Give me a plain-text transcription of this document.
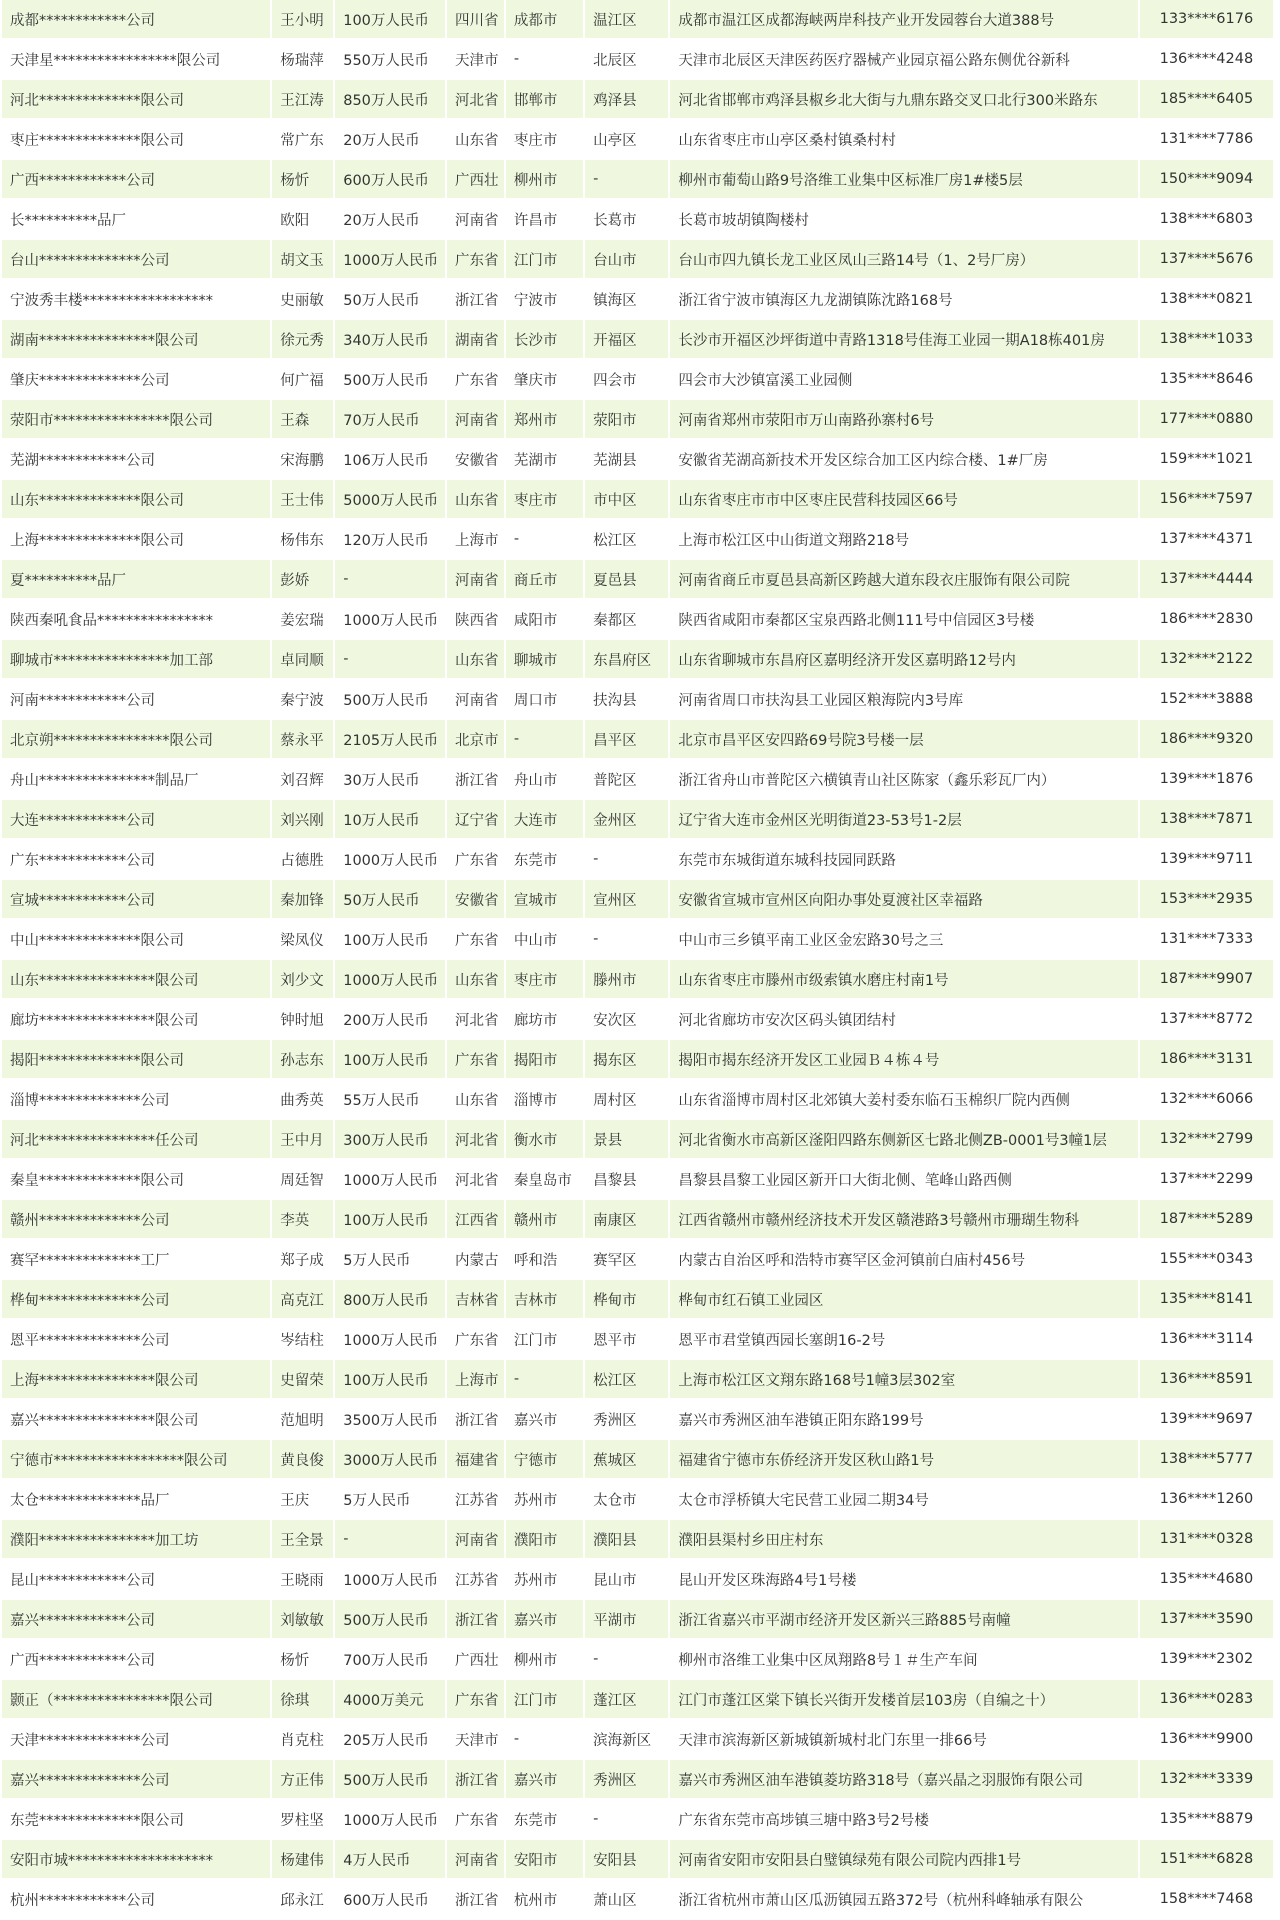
成都************公司	王小明	100万人民币	四川省	成都市	温江区	成都市温江区成都海峡两岸科技产业开发园蓉台大道388号	133****6176
天津星*****************限公司	杨瑞萍	550万人民币	天津市	-	北辰区	天津市北辰区天津医药医疗器械产业园京福公路东侧优谷新科	136****4248
河北**************限公司	王江涛	850万人民币	河北省	邯郸市	鸡泽县	河北省邯郸市鸡泽县椒乡北大街与九鼎东路交叉口北行300米路东	185****6405
枣庄**************限公司	常广东	20万人民币	山东省	枣庄市	山亭区	山东省枣庄市山亭区桑村镇桑村村	131****7786
广西************公司	杨忻	600万人民币	广西壮	柳州市	-	柳州市葡萄山路9号洛维工业集中区标准厂房1#楼5层	150****9094
长**********品厂	欧阳	20万人民币	河南省	许昌市	长葛市	长葛市坡胡镇陶楼村	138****6803
台山**************公司	胡文玉	1000万人民币	广东省	江门市	台山市	台山市四九镇长龙工业区凤山三路14号（1、2号厂房）	137****5676
宁波秀丰楼******************	史丽敏	50万人民币	浙江省	宁波市	镇海区	浙江省宁波市镇海区九龙湖镇陈沈路168号	138****0821
湖南****************限公司	徐元秀	340万人民币	湖南省	长沙市	开福区	长沙市开福区沙坪街道中青路1318号佳海工业园一期A18栋401房	138****1033
肇庆**************公司	何广福	500万人民币	广东省	肇庆市	四会市	四会市大沙镇富溪工业园侧	135****8646
荥阳市****************限公司	王森	70万人民币	河南省	郑州市	荥阳市	河南省郑州市荥阳市万山南路孙寨村6号	177****0880
芜湖************公司	宋海鹏	106万人民币	安徽省	芜湖市	芜湖县	安徽省芜湖高新技术开发区综合加工区内综合楼、1#厂房	159****1021
山东**************限公司	王士伟	5000万人民币	山东省	枣庄市	市中区	山东省枣庄市市中区枣庄民营科技园区66号	156****7597
上海**************限公司	杨伟东	120万人民币	上海市	-	松江区	上海市松江区中山街道文翔路218号	137****4371
夏**********品厂	彭娇	-	河南省	商丘市	夏邑县	河南省商丘市夏邑县高新区跨越大道东段衣庄服饰有限公司院	137****4444
陕西秦吼食品****************	姜宏瑞	1000万人民币	陕西省	咸阳市	秦都区	陕西省咸阳市秦都区宝泉西路北侧111号中信园区3号楼	186****2830
聊城市****************加工部	卓同顺	-	山东省	聊城市	东昌府区	山东省聊城市东昌府区嘉明经济开发区嘉明路12号内	132****2122
河南************公司	秦宁波	500万人民币	河南省	周口市	扶沟县	河南省周口市扶沟县工业园区粮海院内3号库	152****3888
北京朔****************限公司	蔡永平	2105万人民币	北京市	-	昌平区	北京市昌平区安四路69号院3号楼一层	186****9320
舟山****************制品厂	刘召辉	30万人民币	浙江省	舟山市	普陀区	浙江省舟山市普陀区六横镇青山社区陈家（鑫乐彩瓦厂内）	139****1876
大连************公司	刘兴刚	10万人民币	辽宁省	大连市	金州区	辽宁省大连市金州区光明街道23-53号1-2层	138****7871
广东************公司	占德胜	1000万人民币	广东省	东莞市	-	东莞市东城街道东城科技园同跃路	139****9711
宣城************公司	秦加锋	50万人民币	安徽省	宣城市	宣州区	安徽省宣城市宣州区向阳办事处夏渡社区幸福路	153****2935
中山**************限公司	梁凤仪	100万人民币	广东省	中山市	-	中山市三乡镇平南工业区金宏路30号之三	131****7333
山东****************限公司	刘少文	1000万人民币	山东省	枣庄市	滕州市	山东省枣庄市滕州市级索镇水磨庄村南1号	187****9907
廊坊****************限公司	钟时旭	200万人民币	河北省	廊坊市	安次区	河北省廊坊市安次区码头镇团结村	137****8772
揭阳**************限公司	孙志东	100万人民币	广东省	揭阳市	揭东区	揭阳市揭东经济开发区工业园Ｂ４栋４号	186****3131
淄博**************公司	曲秀英	55万人民币	山东省	淄博市	周村区	山东省淄博市周村区北郊镇大姜村委东临石玉棉织厂院内西侧	132****6066
河北****************任公司	王中月	300万人民币	河北省	衡水市	景县	河北省衡水市高新区滏阳四路东侧新区七路北侧ZB-0001号3幢1层	132****2799
秦皇**************限公司	周廷智	1000万人民币	河北省	秦皇岛市	昌黎县	昌黎县昌黎工业园区新开口大街北侧、笔峰山路西侧	137****2299
赣州**************公司	李英	100万人民币	江西省	赣州市	南康区	江西省赣州市赣州经济技术开发区赣港路3号赣州市珊瑚生物科	187****5289
赛罕**************工厂	郑子成	5万人民币	内蒙古	呼和浩	赛罕区	内蒙古自治区呼和浩特市赛罕区金河镇前白庙村456号	155****0343
桦甸**************公司	高克江	800万人民币	吉林省	吉林市	桦甸市	桦甸市红石镇工业园区	135****8141
恩平**************公司	岑结柱	1000万人民币	广东省	江门市	恩平市	恩平市君堂镇西园长塞朗16-2号	136****3114
上海****************限公司	史留荣	100万人民币	上海市	-	松江区	上海市松江区文翔东路168号1幢3层302室	136****8591
嘉兴****************限公司	范旭明	3500万人民币	浙江省	嘉兴市	秀洲区	嘉兴市秀洲区油车港镇正阳东路199号	139****9697
宁德市******************限公司	黄良俊	3000万人民币	福建省	宁德市	蕉城区	福建省宁德市东侨经济开发区秋山路1号	138****5777
太仓**************品厂	王庆	5万人民币	江苏省	苏州市	太仓市	太仓市浮桥镇大宅民营工业园二期34号	136****1260
濮阳****************加工坊	王全景	-	河南省	濮阳市	濮阳县	濮阳县渠村乡田庄村东	131****0328
昆山************公司	王晓雨	1000万人民币	江苏省	苏州市	昆山市	昆山开发区珠海路4号1号楼	135****4680
嘉兴************公司	刘敏敏	500万人民币	浙江省	嘉兴市	平湖市	浙江省嘉兴市平湖市经济开发区新兴三路885号南幢	137****3590
广西************公司	杨忻	700万人民币	广西壮	柳州市	-	柳州市洛维工业集中区凤翔路8号１＃生产车间	139****2302
颢正（****************限公司	徐琪	4000万美元	广东省	江门市	蓬江区	江门市蓬江区棠下镇长兴街开发楼首层103房（自编之十）	136****0283
天津**************公司	肖克柱	205万人民币	天津市	-	滨海新区	天津市滨海新区新城镇新城村北门东里一排66号	136****9900
嘉兴**************公司	方正伟	500万人民币	浙江省	嘉兴市	秀洲区	嘉兴市秀洲区油车港镇菱坊路318号（嘉兴晶之羽服饰有限公司	132****3339
东莞**************限公司	罗柱坚	1000万人民币	广东省	东莞市	-	广东省东莞市高埗镇三塘中路3号2号楼	135****8879
安阳市城********************	杨建伟	4万人民币	河南省	安阳市	安阳县	河南省安阳市安阳县白璧镇绿苑有限公司院内西排1号	151****6828
杭州************公司	邱永江	600万人民币	浙江省	杭州市	萧山区	浙江省杭州市萧山区瓜沥镇园五路372号（杭州科峰轴承有限公	158****7468
